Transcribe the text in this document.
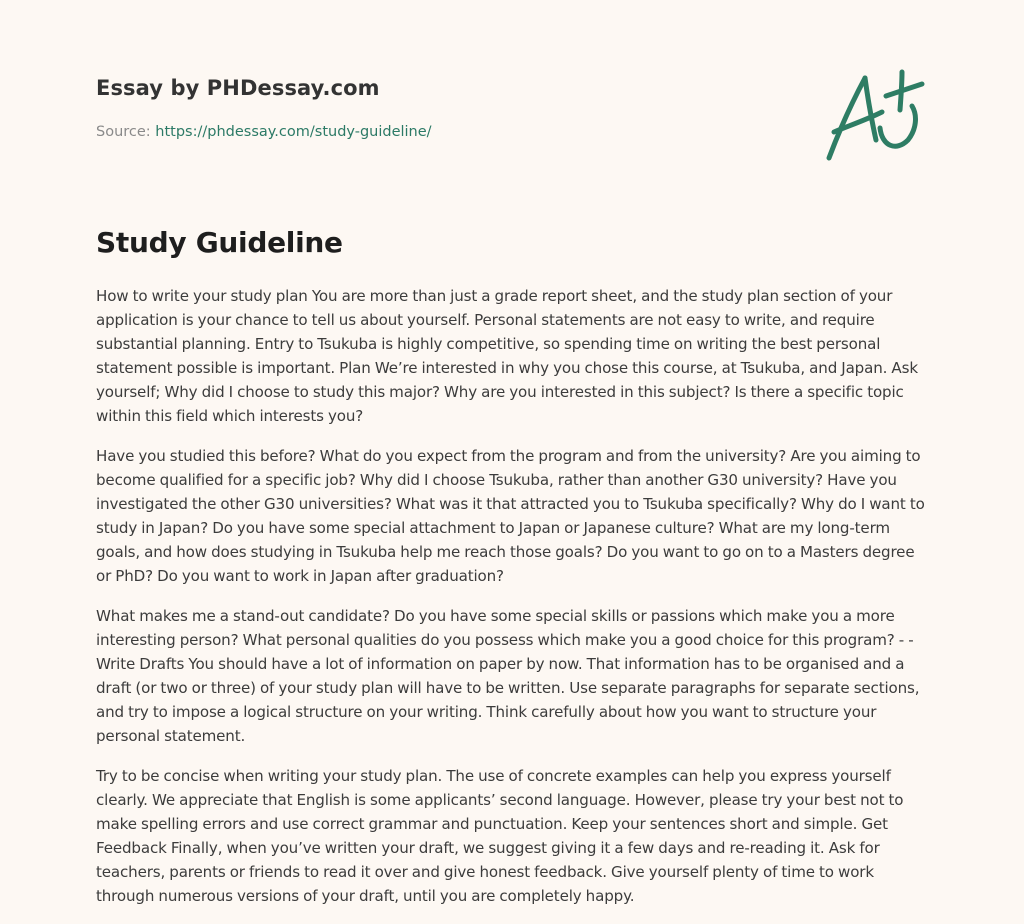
Essay by PHDessay.com
Source: https://phdessay.com/study-guideline/
Study Guideline

How to write your study plan You are more than just a grade report sheet, and the study plan section of your application is your chance to tell us about yourself. Personal statements are not easy to write, and require substantial planning. Entry to Tsukuba is highly competitive, so spending time on writing the best personal statement possible is important. Plan We’re interested in why you chose this course, at Tsukuba, and Japan. Ask yourself; Why did I choose to study this major? Why are you interested in this subject? Is there a specific topic within this field which interests you?

Have you studied this before? What do you expect from the program and from the university? Are you aiming to become qualified for a specific job? Why did I choose Tsukuba, rather than another G30 university? Have you investigated the other G30 universities? What was it that attracted you to Tsukuba specifically? Why do I want to study in Japan? Do you have some special attachment to Japan or Japanese culture? What are my long-term goals, and how does studying in Tsukuba help me reach those goals? Do you want to go on to a Masters degree or PhD? Do you want to work in Japan after graduation?

What makes me a stand-out candidate? Do you have some special skills or passions which make you a more interesting person? What personal qualities do you possess which make you a good choice for this program? - - Write Drafts You should have a lot of information on paper by now. That information has to be organised and a draft (or two or three) of your study plan will have to be written. Use separate paragraphs for separate sections, and try to impose a logical structure on your writing. Think carefully about how you want to structure your personal statement.

Try to be concise when writing your study plan. The use of concrete examples can help you express yourself clearly. We appreciate that English is some applicants’ second language. However, please try your best not to make spelling errors and use correct grammar and punctuation. Keep your sentences short and simple. Get Feedback Finally, when you’ve written your draft, we suggest giving it a few days and re-reading it. Ask for teachers, parents or friends to read it over and give honest feedback. Give yourself plenty of time to work through numerous versions of your draft, until you are completely happy.
